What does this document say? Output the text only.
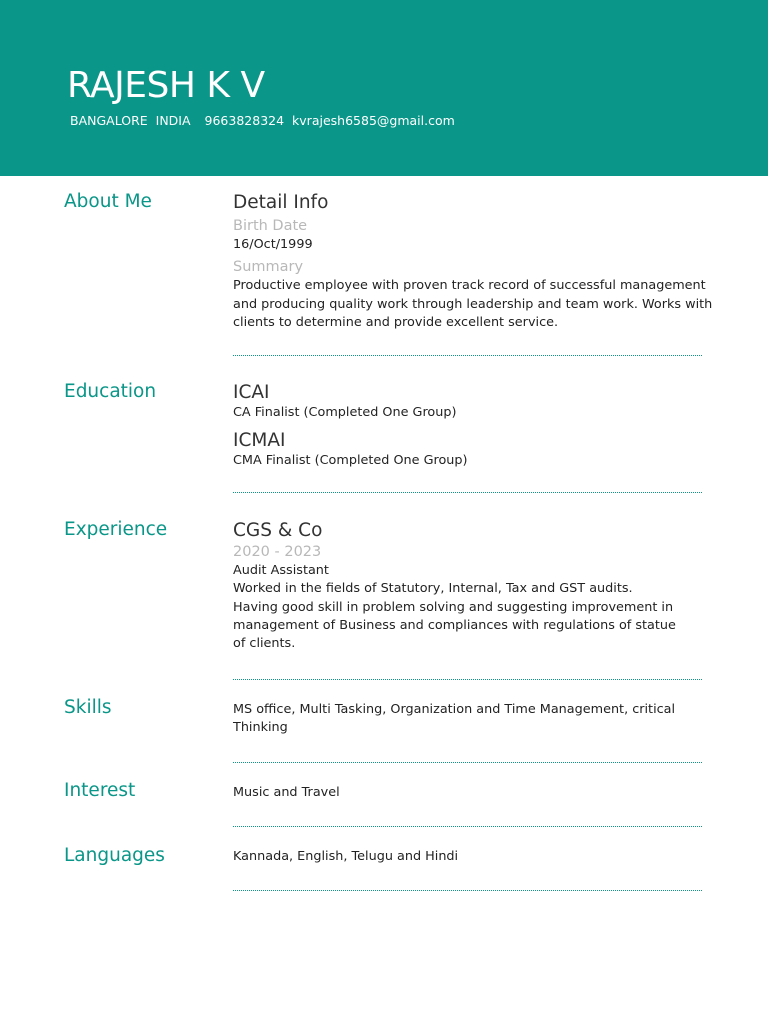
RAJESH K V
BANGALORE INDIA 9663828324 kvrajesh6585@gmail.com
About Me	Detail Info
Birth Date
16/Oct/1999
Summary
Productive employee with proven track record of successful management
and producing quality work through leadership and team work. Works with
clients to determine and provide excellent service.
Education	ICAI
CA Finalist (Completed One Group)
ICMAI
CMA Finalist (Completed One Group)
Experience	CGS & Co
2020 - 2023
Audit Assistant
Worked in the fields of Statutory, Internal, Tax and GST audits.
Having good skill in problem solving and suggesting improvement in
management of Business and compliances with regulations of statue
of clients.
Skills	MS office, Multi Tasking, Organization and Time Management, critical
Thinking
Interest	Music and Travel
Languages	Kannada, English, Telugu and Hindi
